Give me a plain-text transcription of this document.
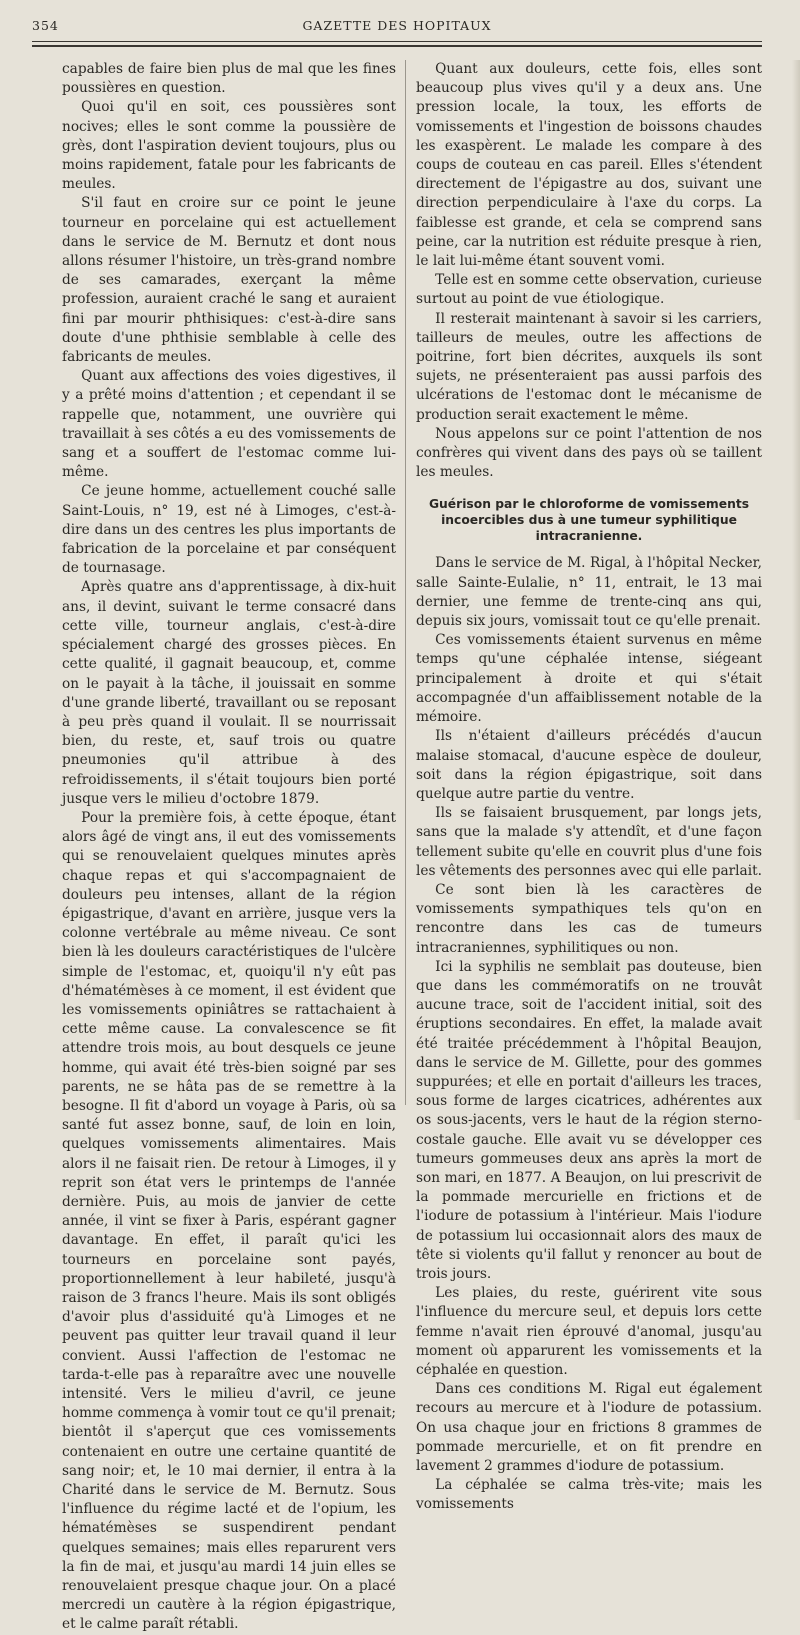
354	GAZETTE DES HOPITAUX

capables de faire bien plus de mal que les fines poussières en question.

Quoi qu'il en soit, ces poussières sont nocives; elles le sont comme la poussière de grès, dont l'aspiration devient toujours, plus ou moins rapidement, fatale pour les fabricants de meules.

S'il faut en croire sur ce point le jeune tourneur en porcelaine qui est actuellement dans le service de M. Bernutz et dont nous allons résumer l'histoire, un très-grand nombre de ses camarades, exerçant la même profession, auraient craché le sang et auraient fini par mourir phthisiques: c'est-à-dire sans doute d'une phthisie semblable à celle des fabricants de meules.

Quant aux affections des voies digestives, il y a prêté moins d'attention ; et cependant il se rappelle que, notamment, une ouvrière qui travaillait à ses côtés a eu des vomissements de sang et a souffert de l'estomac comme lui-même.

Ce jeune homme, actuellement couché salle Saint-Louis, n° 19, est né à Limoges, c'est-à-dire dans un des centres les plus importants de fabrication de la porcelaine et par conséquent de tournasage.

Après quatre ans d'apprentissage, à dix-huit ans, il devint, suivant le terme consacré dans cette ville, tourneur anglais, c'est-à-dire spécialement chargé des grosses pièces. En cette qualité, il gagnait beaucoup, et, comme on le payait à la tâche, il jouissait en somme d'une grande liberté, travaillant ou se reposant à peu près quand il voulait. Il se nourrissait bien, du reste, et, sauf trois ou quatre pneumonies qu'il attribue à des refroidissements, il s'était toujours bien porté jusque vers le milieu d'octobre 1879.

Pour la première fois, à cette époque, étant alors âgé de vingt ans, il eut des vomissements qui se renouvelaient quelques minutes après chaque repas et qui s'accompagnaient de douleurs peu intenses, allant de la région épigastrique, d'avant en arrière, jusque vers la colonne vertébrale au même niveau. Ce sont bien là les douleurs caractéristiques de l'ulcère simple de l'estomac, et, quoiqu'il n'y eût pas d'hématémèses à ce moment, il est évident que les vomissements opiniâtres se rattachaient à cette même cause. La convalescence se fit attendre trois mois, au bout desquels ce jeune homme, qui avait été très-bien soigné par ses parents, ne se hâta pas de se remettre à la besogne. Il fit d'abord un voyage à Paris, où sa santé fut assez bonne, sauf, de loin en loin, quelques vomissements alimentaires. Mais alors il ne faisait rien. De retour à Limoges, il y reprit son état vers le printemps de l'année dernière. Puis, au mois de janvier de cette année, il vint se fixer à Paris, espérant gagner davantage. En effet, il paraît qu'ici les tourneurs en porcelaine sont payés, proportionnellement à leur habileté, jusqu'à raison de 3 francs l'heure. Mais ils sont obligés d'avoir plus d'assiduité qu'à Limoges et ne peuvent pas quitter leur travail quand il leur convient. Aussi l'affection de l'estomac ne tarda-t-elle pas à reparaître avec une nouvelle intensité. Vers le milieu d'avril, ce jeune homme commença à vomir tout ce qu'il prenait; bientôt il s'aperçut que ces vomissements contenaient en outre une certaine quantité de sang noir; et, le 10 mai dernier, il entra à la Charité dans le service de M. Bernutz. Sous l'influence du régime lacté et de l'opium, les hématémèses se suspendirent pendant quelques semaines; mais elles reparurent vers la fin de mai, et jusqu'au mardi 14 juin elles se renouvelaient presque chaque jour. On a placé mercredi un cautère à la région épigastrique, et le calme paraît rétabli.

Quant aux douleurs, cette fois, elles sont beaucoup plus vives qu'il y a deux ans. Une pression locale, la toux, les efforts de vomissements et l'ingestion de boissons chaudes les exaspèrent. Le malade les compare à des coups de couteau en cas pareil. Elles s'étendent directement de l'épigastre au dos, suivant une direction perpendiculaire à l'axe du corps. La faiblesse est grande, et cela se comprend sans peine, car la nutrition est réduite presque à rien, le lait lui-même étant souvent vomi.

Telle est en somme cette observation, curieuse surtout au point de vue étiologique.

Il resterait maintenant à savoir si les carriers, tailleurs de meules, outre les affections de poitrine, fort bien décrites, auxquels ils sont sujets, ne présenteraient pas aussi parfois des ulcérations de l'estomac dont le mécanisme de production serait exactement le même.

Nous appelons sur ce point l'attention de nos confrères qui vivent dans des pays où se taillent les meules.

Guérison par le chloroforme de vomissements incoercibles dus à une tumeur syphilitique intracranienne.

Dans le service de M. Rigal, à l'hôpital Necker, salle Sainte-Eulalie, n° 11, entrait, le 13 mai dernier, une femme de trente-cinq ans qui, depuis six jours, vomissait tout ce qu'elle prenait.

Ces vomissements étaient survenus en même temps qu'une céphalée intense, siégeant principalement à droite et qui s'était accompagnée d'un affaiblissement notable de la mémoire.

Ils n'étaient d'ailleurs précédés d'aucun malaise stomacal, d'aucune espèce de douleur, soit dans la région épigastrique, soit dans quelque autre partie du ventre.

Ils se faisaient brusquement, par longs jets, sans que la malade s'y attendît, et d'une façon tellement subite qu'elle en couvrit plus d'une fois les vêtements des personnes avec qui elle parlait.

Ce sont bien là les caractères de vomissements sympathiques tels qu'on en rencontre dans les cas de tumeurs intracraniennes, syphilitiques ou non.

Ici la syphilis ne semblait pas douteuse, bien que dans les commémoratifs on ne trouvât aucune trace, soit de l'accident initial, soit des éruptions secondaires. En effet, la malade avait été traitée précédemment à l'hôpital Beaujon, dans le service de M. Gillette, pour des gommes suppurées; et elle en portait d'ailleurs les traces, sous forme de larges cicatrices, adhérentes aux os sous-jacents, vers le haut de la région sterno-costale gauche. Elle avait vu se développer ces tumeurs gommeuses deux ans après la mort de son mari, en 1877. A Beaujon, on lui prescrivit de la pommade mercurielle en frictions et de l'iodure de potassium à l'intérieur. Mais l'iodure de potassium lui occasionnait alors des maux de tête si violents qu'il fallut y renoncer au bout de trois jours.

Les plaies, du reste, guérirent vite sous l'influence du mercure seul, et depuis lors cette femme n'avait rien éprouvé d'anomal, jusqu'au moment où apparurent les vomissements et la céphalée en question.

Dans ces conditions M. Rigal eut également recours au mercure et à l'iodure de potassium. On usa chaque jour en frictions 8 grammes de pommade mercurielle, et on fit prendre en lavement 2 grammes d'iodure de potassium.

La céphalée se calma très-vite; mais les vomissements
